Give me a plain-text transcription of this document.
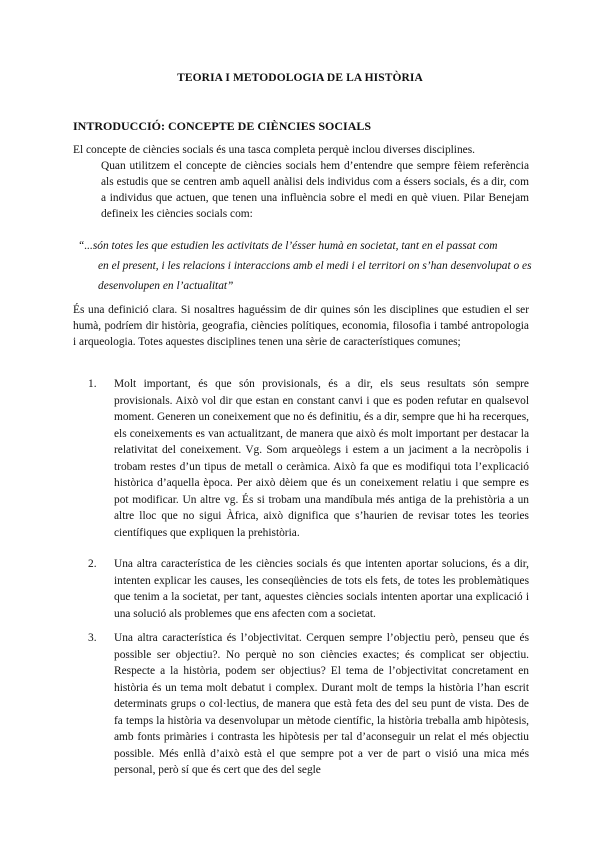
TEORIA I METODOLOGIA DE LA HISTÒRIA
INTRODUCCIÓ: CONCEPTE DE CIÈNCIES SOCIALS
El concepte de ciències socials és una tasca completa perquè inclou diverses disciplines.
Quan utilitzem el concepte de ciències socials hem d’entendre que sempre fèiem referència als estudis que se centren amb aquell anàlisi dels individus com a éssers socials, és a dir, com a individus que actuen, que tenen una influència sobre el medi en què viuen. Pilar Benejam defineix les ciències socials com:
“...són totes les que estudien les activitats de l’ésser humà en societat, tant en el passat com
en el present, i les relacions i interaccions amb el medi i el territori on s’han desenvolupat o es desenvolupen en l’actualitat”
És una definició clara. Si nosaltres haguéssim de dir quines són les disciplines que estudien el ser humà, podríem dir història, geografia, ciències polítiques, economia, filosofia i també antropologia i arqueologia. Totes aquestes disciplines tenen una sèrie de característiques comunes;
1. Molt important, és que són provisionals, és a dir, els seus resultats són sempre provisionals. Això vol dir que estan en constant canvi i que es poden refutar en qualsevol moment. Generen un coneixement que no és definitiu, és a dir, sempre que hi ha recerques, els coneixements es van actualitzant, de manera que això és molt important per destacar la relativitat del coneixement. Vg. Som arqueòlegs i estem a un jaciment a la necròpolis i trobam restes d’un tipus de metall o ceràmica. Això fa que es modifiqui tota l’explicació històrica d’aquella època. Per això dèiem que és un coneixement relatiu i que sempre es pot modificar. Un altre vg. És si trobam una mandíbula més antiga de la prehistòria a un altre lloc que no sigui Àfrica, això dignifica que s’haurien de revisar totes les teories científiques que expliquen la prehistòria.
2. Una altra característica de les ciències socials és que intenten aportar solucions, és a dir, intenten explicar les causes, les conseqüències de tots els fets, de totes les problemàtiques que tenim a la societat, per tant, aquestes ciències socials intenten aportar una explicació i una solució als problemes que ens afecten com a societat.
3. Una altra característica és l’objectivitat. Cerquen sempre l’objectiu però, penseu que és possible ser objectiu?. No perquè no son ciències exactes; és complicat ser objectiu. Respecte a la història, podem ser objectius? El tema de l’objectivitat concretament en història és un tema molt debatut i complex. Durant molt de temps la història l’han escrit determinats grups o col·lectius, de manera que està feta des del seu punt de vista. Des de fa temps la història va desenvolupar un mètode científic, la història treballa amb hipòtesis, amb fonts primàries i contrasta les hipòtesis per tal d’aconseguir un relat el més objectiu possible. Més enllà d’això està el que sempre pot a ver de part o visió una mica més personal, però sí que és cert que des del segle
